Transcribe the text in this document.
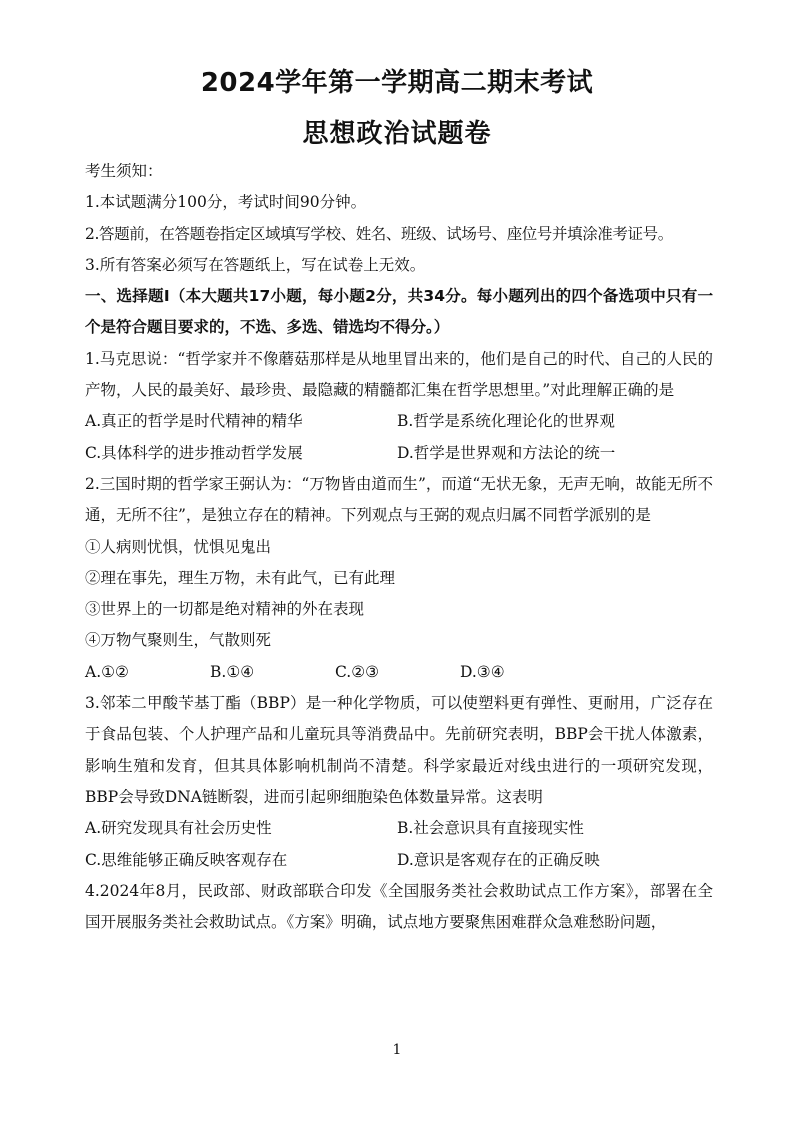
2024学年第一学期高二期末考试
思想政治试题卷
考生须知：
1.本试题满分100分，考试时间90分钟。
2.答题前，在答题卷指定区域填写学校、姓名、班级、试场号、座位号并填涂准考证号。
3.所有答案必须写在答题纸上，写在试卷上无效。
一、选择题Ⅰ（本大题共17小题，每小题2分，共34分。每小题列出的四个备选项中只有一个是符合题目要求的，不选、多选、错选均不得分。）
1.马克思说：“哲学家并不像蘑菇那样是从地里冒出来的，他们是自己的时代、自己的人民的产物，人民的最美好、最珍贵、最隐藏的精髓都汇集在哲学思想里。”对此理解正确的是
A.真正的哲学是时代精神的精华	B.哲学是系统化理论化的世界观
C.具体科学的进步推动哲学发展	D.哲学是世界观和方法论的统一
2.三国时期的哲学家王弼认为：“万物皆由道而生”，而道“无状无象，无声无响，故能无所不通，无所不往”，是独立存在的精神。下列观点与王弼的观点归属不同哲学派别的是
①人病则忧惧，忧惧见鬼出
②理在事先，理生万物，未有此气，已有此理
③世界上的一切都是绝对精神的外在表现
④万物气聚则生，气散则死
A.①②	B.①④	C.②③	D.③④
3.邻苯二甲酸苄基丁酯（BBP）是一种化学物质，可以使塑料更有弹性、更耐用，广泛存在于食品包装、个人护理产品和儿童玩具等消费品中。先前研究表明，BBP会干扰人体激素，影响生殖和发育，但其具体影响机制尚不清楚。科学家最近对线虫进行的一项研究发现，BBP会导致DNA链断裂，进而引起卵细胞染色体数量异常。这表明
A.研究发现具有社会历史性	B.社会意识具有直接现实性
C.思维能够正确反映客观存在	D.意识是客观存在的正确反映
4.2024年8月，民政部、财政部联合印发《全国服务类社会救助试点工作方案》，部署在全国开展服务类社会救助试点。《方案》明确，试点地方要聚焦困难群众急难愁盼问题，
1
